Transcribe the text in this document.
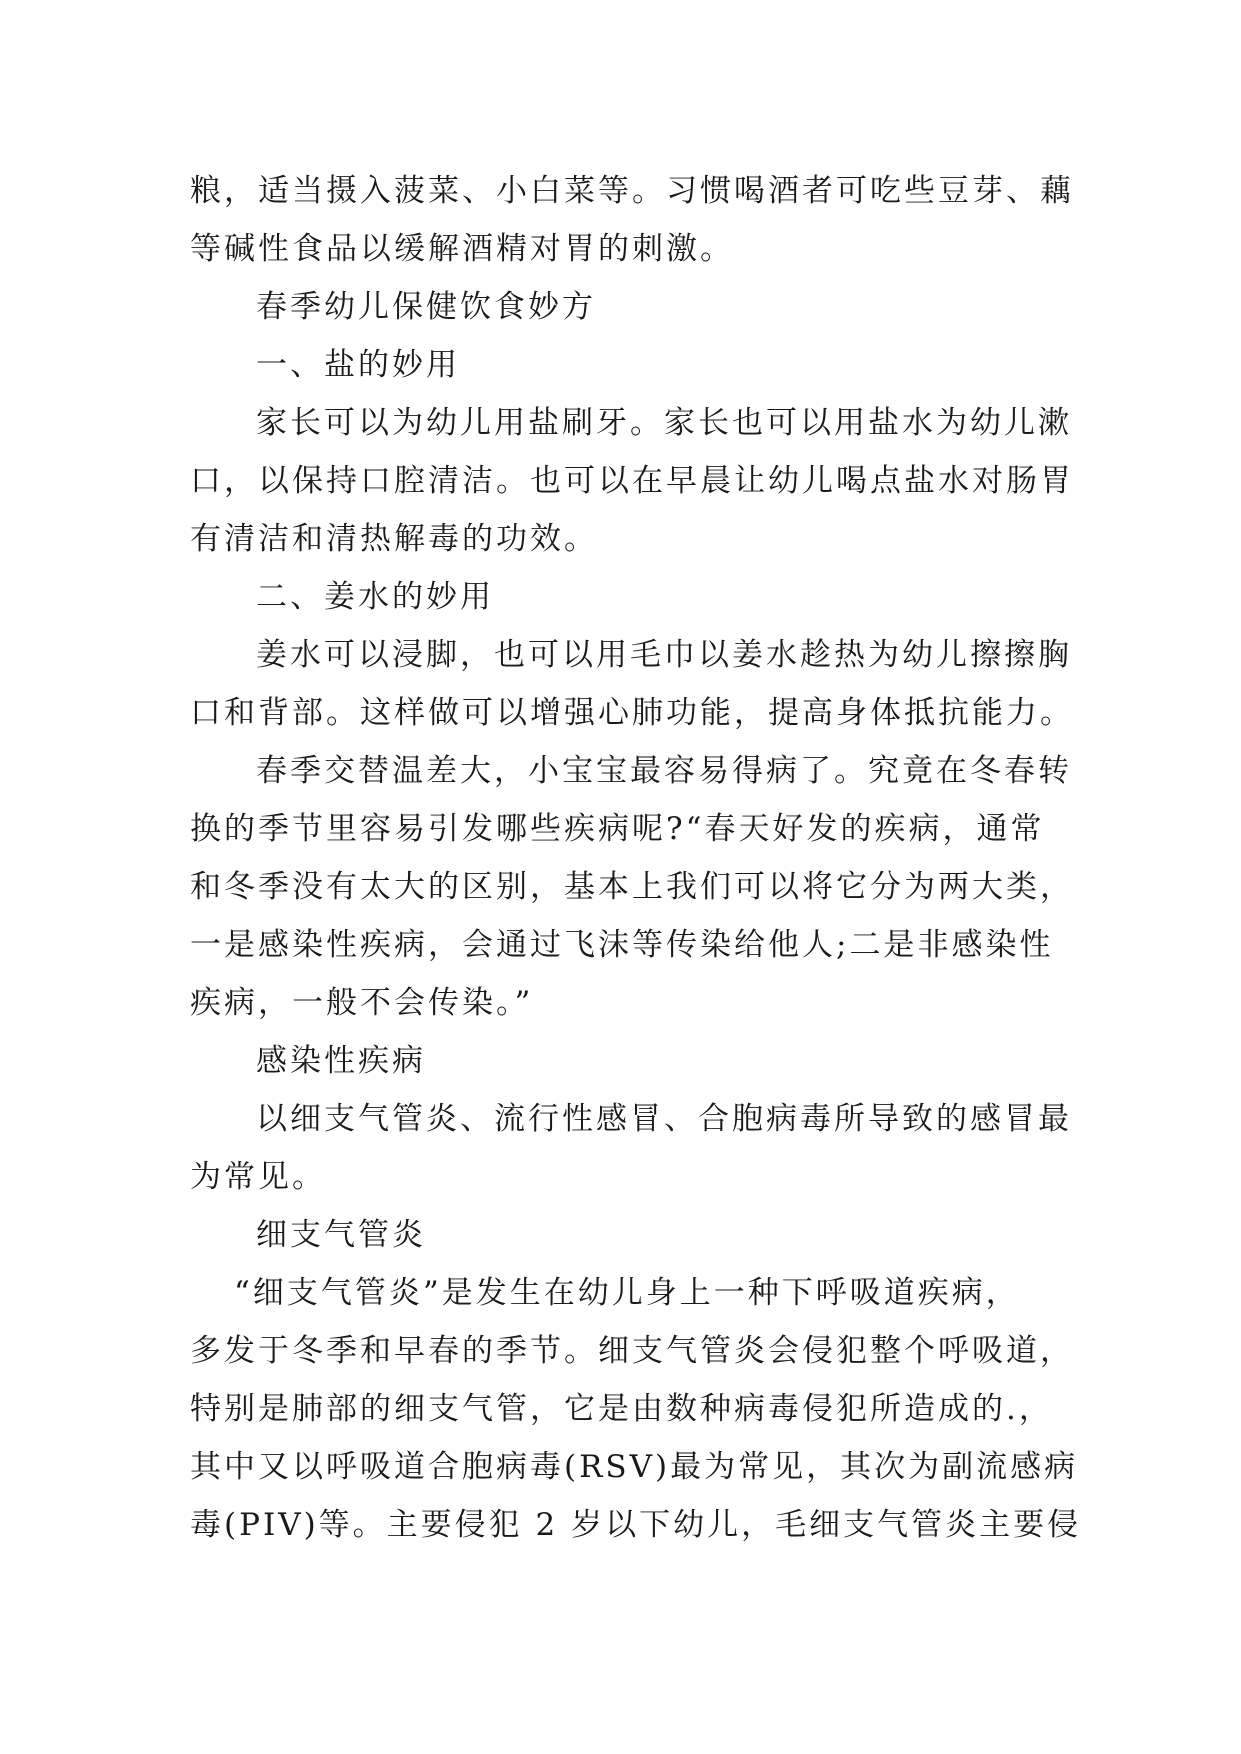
粮，适当摄入菠菜、小白菜等。习惯喝酒者可吃些豆芽、藕
等碱性食品以缓解酒精对胃的刺激。
春季幼儿保健饮食妙方
一、盐的妙用
家长可以为幼儿用盐刷牙。家长也可以用盐水为幼儿漱
口，以保持口腔清洁。也可以在早晨让幼儿喝点盐水对肠胃
有清洁和清热解毒的功效。
二、姜水的妙用
姜水可以浸脚，也可以用毛巾以姜水趁热为幼儿擦擦胸
口和背部。这样做可以增强心肺功能，提高身体抵抗能力。
春季交替温差大，小宝宝最容易得病了。究竟在冬春转
换的季节里容易引发哪些疾病呢?“春天好发的疾病，通常
和冬季没有太大的区别，基本上我们可以将它分为两大类，
一是感染性疾病，会通过飞沫等传染给他人;二是非感染性
疾病，一般不会传染。”
感染性疾病
以细支气管炎、流行性感冒、合胞病毒所导致的感冒最
为常见。
细支气管炎
“细支气管炎”是发生在幼儿身上一种下呼吸道疾病，
多发于冬季和早春的季节。细支气管炎会侵犯整个呼吸道，
特别是肺部的细支气管，它是由数种病毒侵犯所造成的.，
其中又以呼吸道合胞病毒(RSV)最为常见，其次为副流感病
毒(PIV)等。主要侵犯 2 岁以下幼儿，毛细支气管炎主要侵
